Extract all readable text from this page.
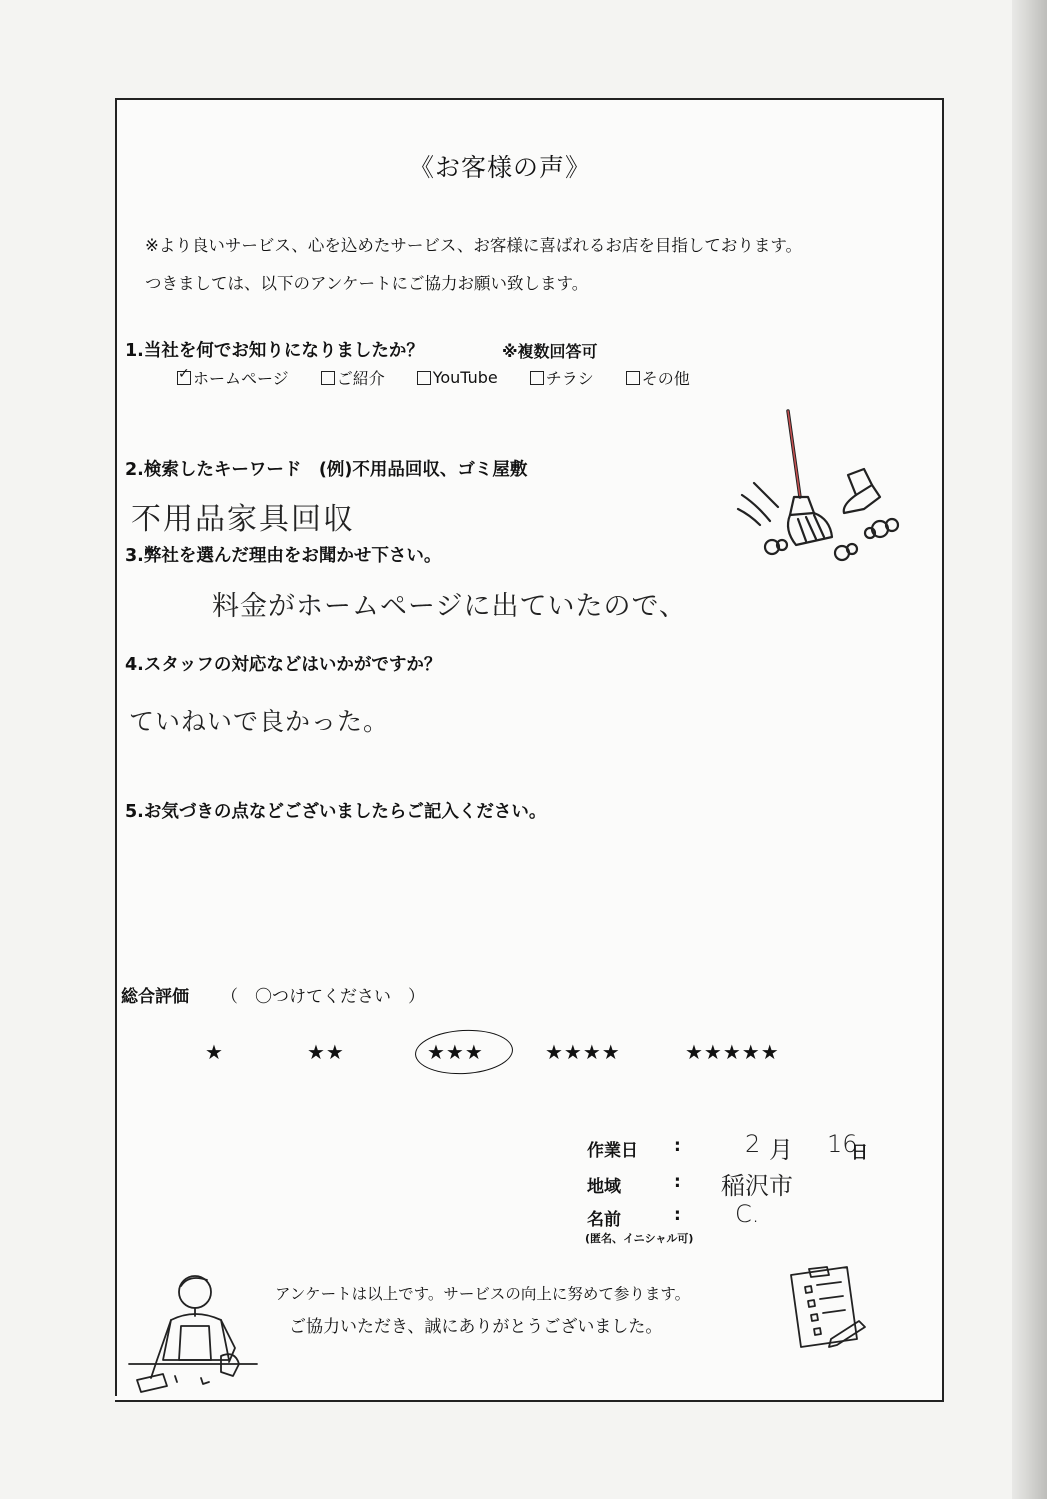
《お客様の声》
※より良いサービス、心を込めたサービス、お客様に喜ばれるお店を目指しております。
つきましては、以下のアンケートにご協力お願い致します。
1.当社を何でお知りになりましたか？	※複数回答可
✓
ホームページ	ご紹介	YouTube	チラシ	その他
2.検索したキーワード　(例)不用品回収、ゴミ屋敷
不用品家具回収
3.弊社を選んだ理由をお聞かせ下さい。
料金がホームページに出ていたので、
4.スタッフの対応などはいかがですか？
ていねいで良かった。
5.お気づきの点などございましたらご記入ください。
総合評価 （　〇つけてください　）
★	★★	★★★	★★★★	★★★★★
作業日 :	2 月 16
日
地域	: 稲沢市
名前	: C.
(匿名、イニシャル可)
アンケートは以上です。サービスの向上に努めて参ります。
ご協力いただき、誠にありがとうございました。
